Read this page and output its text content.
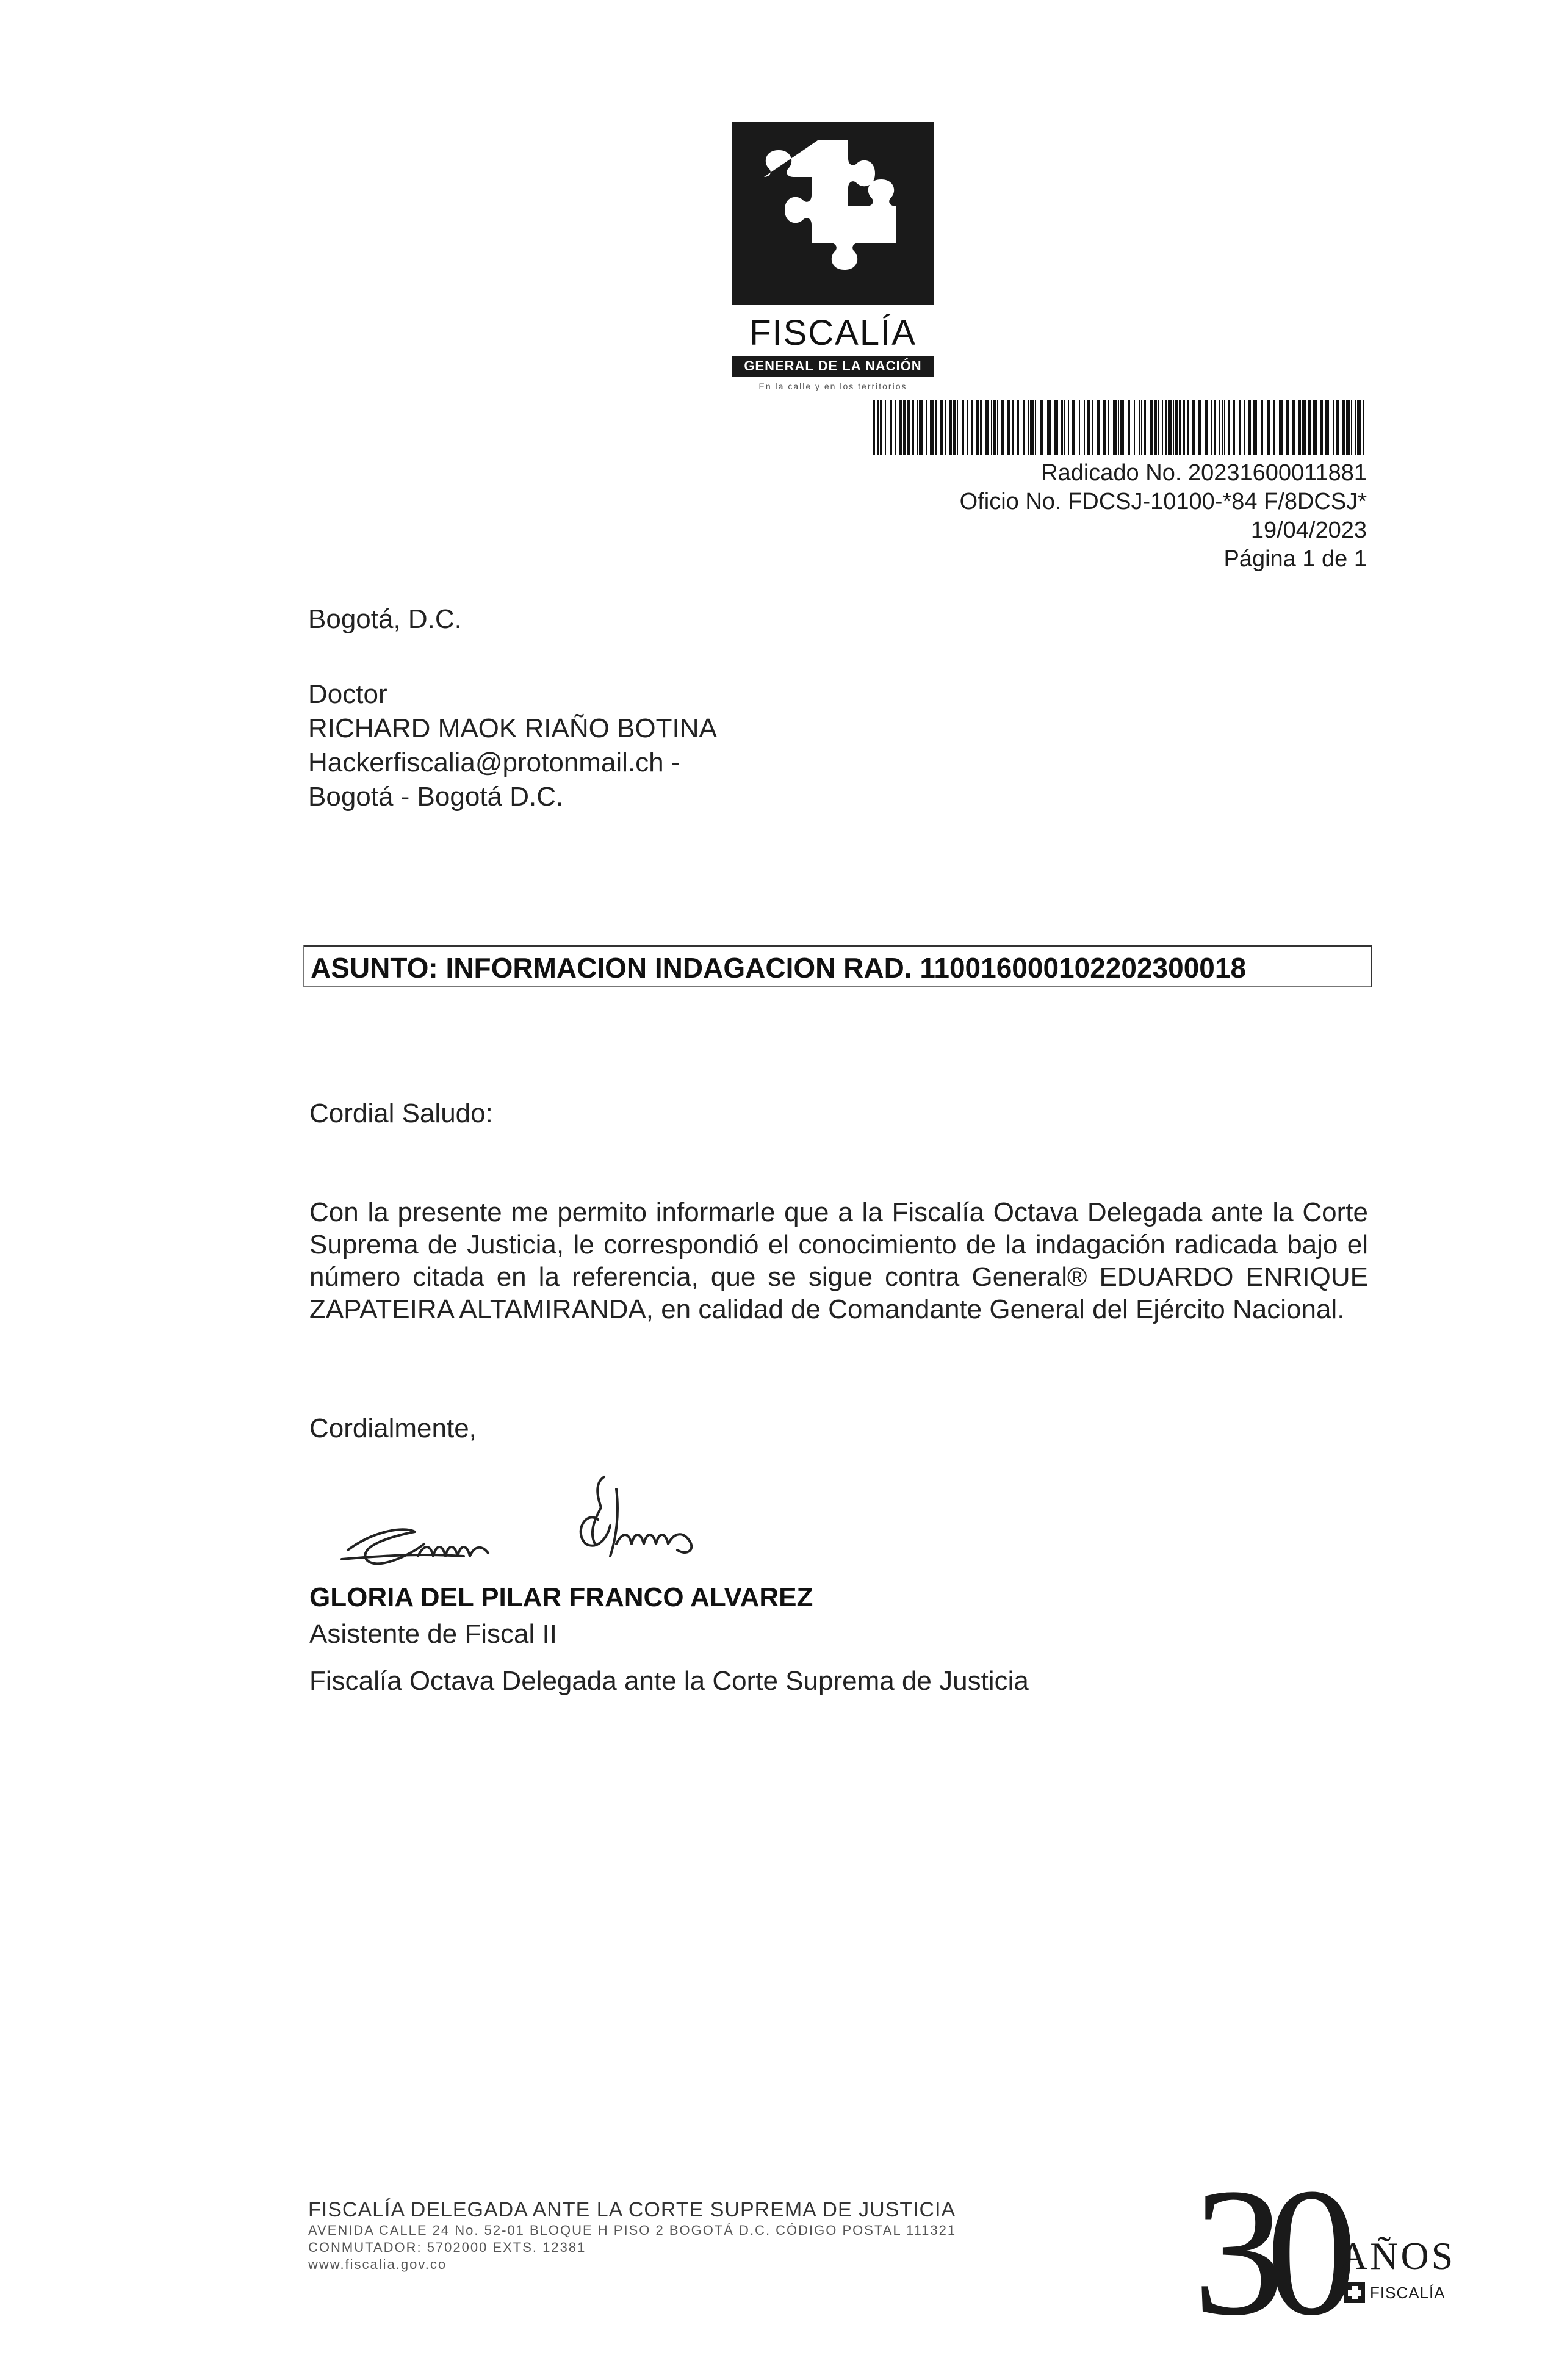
FISCALÍA
GENERAL DE LA NACIÓN
En la calle y en los territorios
Radicado No. 20231600011881
Oficio No. FDCSJ-10100-*84 F/8DCSJ*
19/04/2023
Página 1 de 1
Bogotá, D.C.
Doctor
RICHARD MAOK RIAÑO BOTINA
Hackerfiscalia@protonmail.ch -
Bogotá - Bogotá D.C.
ASUNTO: INFORMACION INDAGACION RAD. 110016000102202300018
Cordial Saludo:
Con la presente me permito informarle que a la Fiscalía Octava Delegada ante la Corte Suprema de Justicia, le correspondió el conocimiento de la indagación radicada bajo el número citada en la referencia, que se sigue contra General® EDUARDO ENRIQUE ZAPATEIRA ALTAMIRANDA, en calidad de Comandante General del Ejército Nacional.
Cordialmente,
GLORIA DEL PILAR FRANCO ALVAREZ
Asistente de Fiscal II
Fiscalía Octava Delegada ante la Corte Suprema de Justicia
FISCALÍA DELEGADA ANTE LA CORTE SUPREMA DE JUSTICIA
AVENIDA CALLE 24 No. 52-01 BLOQUE H PISO 2 BOGOTÁ D.C. CÓDIGO POSTAL 111321
CONMUTADOR: 5702000 EXTS. 12381
www.fiscalia.gov.co	30 AÑOS
FISCALÍA
